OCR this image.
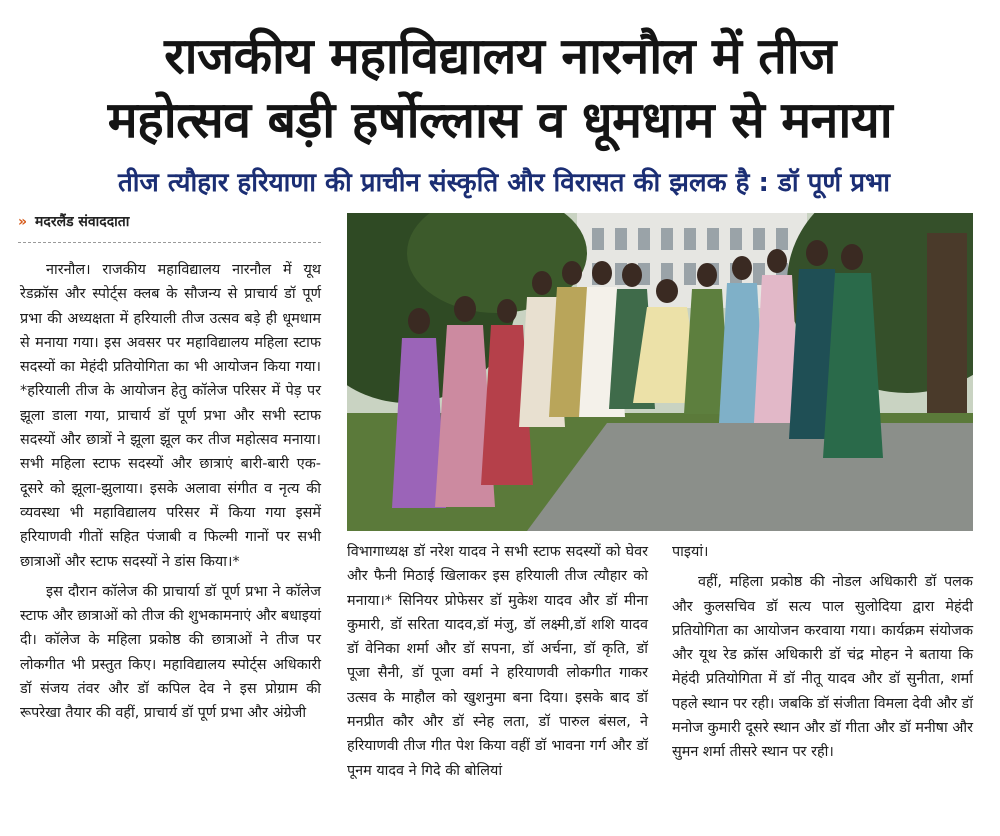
राजकीय महाविद्यालय नारनौल में तीज
महोत्सव बड़ी हर्षोल्लास व धूमधाम से मनाया
तीज त्यौहार हरियाणा की प्राचीन संस्कृति और विरासत की झलक है : डॉ पूर्ण प्रभा
» मदरलैंड संवाददाता

नारनौल। राजकीय महाविद्यालय नारनौल में यूथ रेडक्रॉस और स्पोर्ट्स क्लब के सौजन्य से प्राचार्य डॉ पूर्ण प्रभा की अध्यक्षता में हरियाली तीज उत्सव बड़े ही धूमधाम से मनाया गया। इस अवसर पर महाविद्यालय महिला स्टाफ सदस्यों का मेहंदी प्रतियोगिता का भी आयोजन किया गया। *हरियाली तीज के आयोजन हेतु कॉलेज परिसर में पेड़ पर झूला डाला गया, प्राचार्य डॉ पूर्ण प्रभा और सभी स्टाफ सदस्यों और छात्रों ने झूला झूल कर तीज महोत्सव मनाया। सभी महिला स्टाफ सदस्यों और छात्राएं बारी-बारी एक-दूसरे को झूला-झुलाया। इसके अलावा संगीत व नृत्य की व्यवस्था भी महाविद्यालय परिसर में किया गया इसमें हरियाणवी गीतों सहित पंजाबी व फिल्मी गानों पर सभी छात्राओं और स्टाफ सदस्यों ने डांस किया।*

इस दौरान कॉलेज की प्राचार्या डॉ पूर्ण प्रभा ने कॉलेज स्टाफ और छात्राओं को तीज की शुभकामनाएं और बधाइयां दी। कॉलेज के महिला प्रकोष्ठ की छात्राओं ने तीज पर लोकगीत भी प्रस्तुत किए। महाविद्यालय स्पोर्ट्स अधिकारी डॉ संजय तंवर और डॉ कपिल देव ने इस प्रोग्राम की रूपरेखा तैयार की वहीं, प्राचार्य डॉ पूर्ण प्रभा और अंग्रेजी

विभागाध्यक्ष डॉ नरेश यादव ने सभी स्टाफ सदस्यों को घेवर और फैनी मिठाई खिलाकर इस हरियाली तीज त्यौहार को मनाया।* सिनियर प्रोफेसर डॉ मुकेश यादव और डॉ मीना कुमारी, डॉ सरिता यादव,डॉ मंजु, डॉ लक्ष्मी,डॉ शशि यादव डॉ वेनिका शर्मा और डॉ सपना, डॉ अर्चना, डॉ कृति, डॉ पूजा सैनी, डॉ पूजा वर्मा ने हरियाणवी लोकगीत गाकर उत्सव के माहौल को खुशनुमा बना दिया। इसके बाद डॉ मनप्रीत कौर और डॉ स्नेह लता, डॉ पारुल बंसल, ने हरियाणवी तीज गीत पेश किया वहीं डॉ भावना गर्ग और डॉ पूनम यादव ने गिदे की बोलियां

पाइयां।

वहीं, महिला प्रकोष्ठ की नोडल अधिकारी डॉ पलक और कुलसचिव डॉ सत्य पाल सुलोदिया द्वारा मेहंदी प्रतियोगिता का आयोजन करवाया गया। कार्यक्रम संयोजक और यूथ रेड क्रॉस अधिकारी डॉ चंद्र मोहन ने बताया कि मेहंदी प्रतियोगिता में डॉ नीतू यादव और डॉ सुनीता, शर्मा पहले स्थान पर रही। जबकि डॉ संजीता विमला देवी और डॉ मनोज कुमारी दूसरे स्थान और डॉ गीता और डॉ मनीषा और सुमन शर्मा तीसरे स्थान पर रही।
